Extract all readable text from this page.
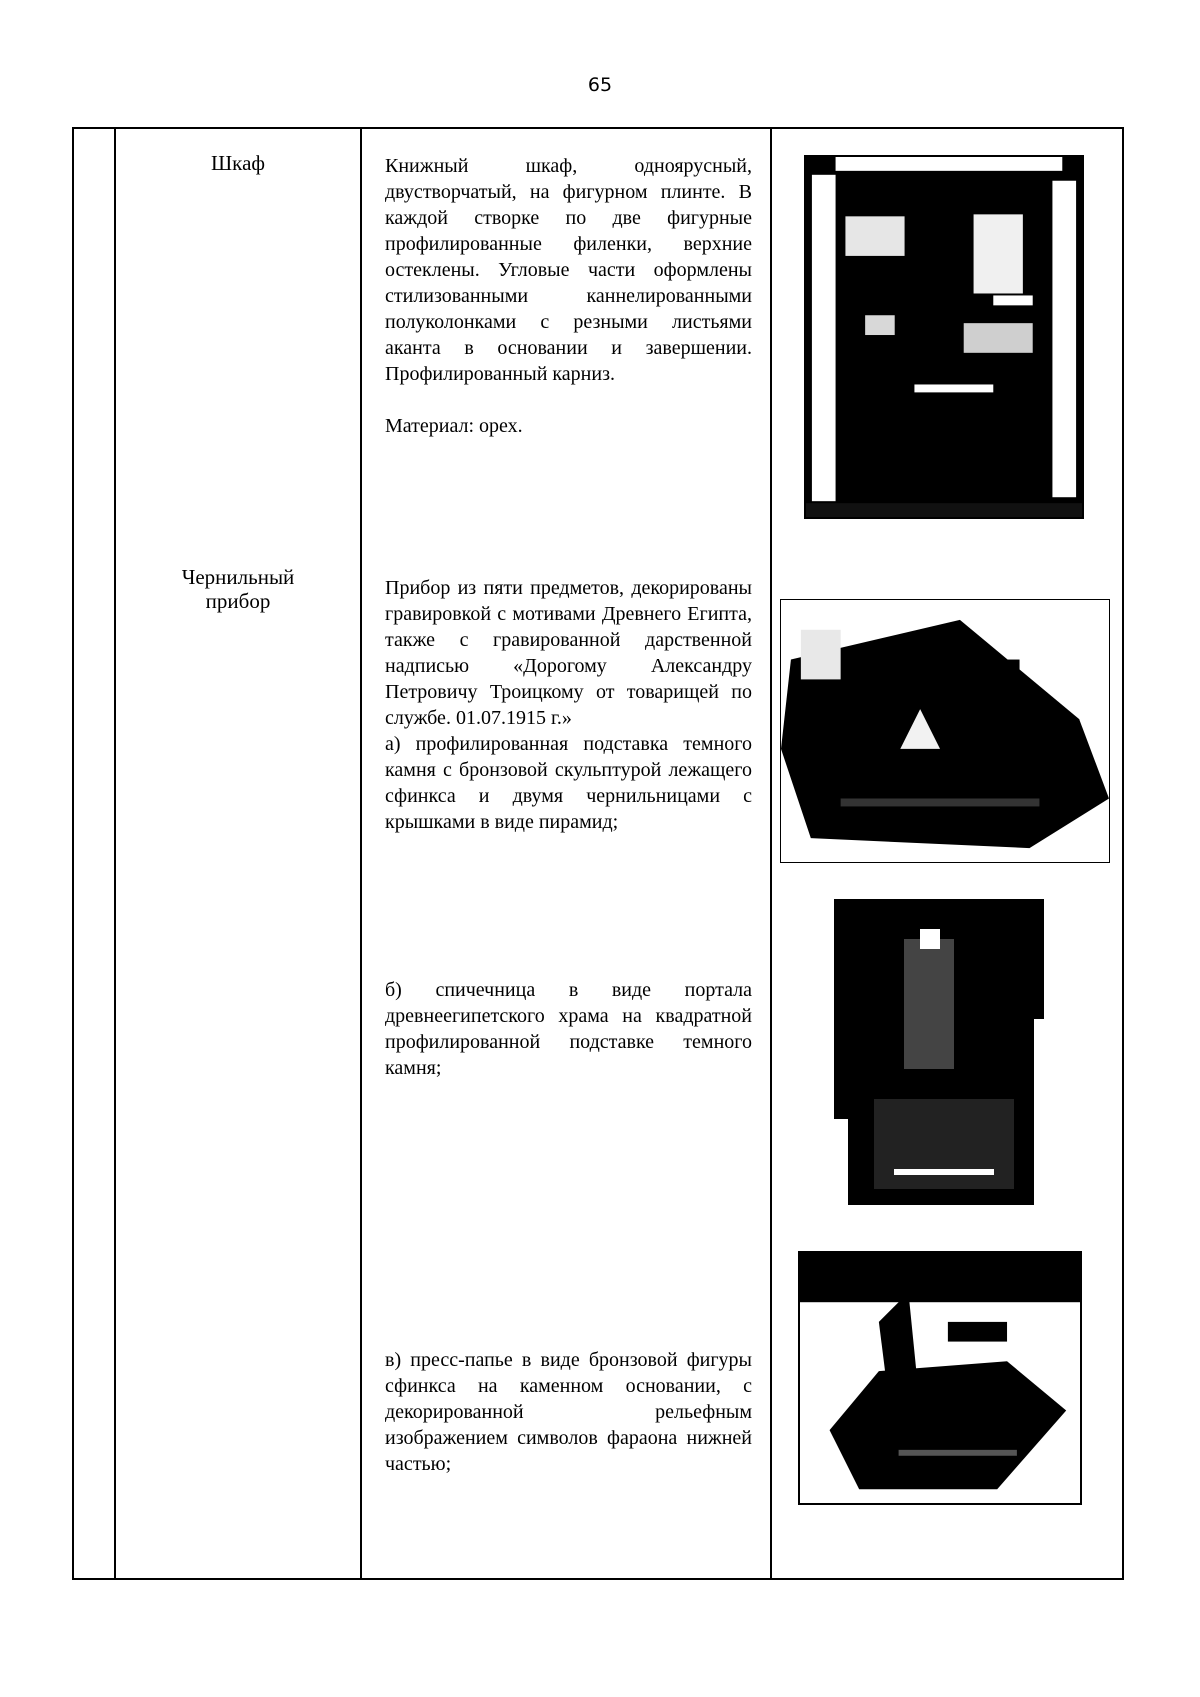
65
Шкаф	Книжный шкаф, одноярусный, двустворчатый, на фигурном плинте. В каждой створке по две фигурные профилированные филенки, верхние остеклены. Угловые части оформлены стилизованными каннелированными полуколонками с резными листьями аканта в основании и завершении. Профилированный карниз.

Материал: орех.

Чернильный
прибор

Прибор из пяти предметов, декорированы гравировкой с мотивами Древнего Египта, также с гравированной дарственной надписью «Дорогому Александру Петровичу Троицкому от товарищей по службе. 01.07.1915 г.»

а) профилированная подставка темного камня с бронзовой скульптурой лежащего сфинкса и двумя чернильницами с крышками в виде пирамид;

б) спичечница в виде портала древнеегипетского храма на квадратной профилированной подставке темного камня;
в) пресс-папье в виде бронзовой фигуры сфинкса на каменном основании, с декорированной рельефным изображением символов фараона нижней частью;
